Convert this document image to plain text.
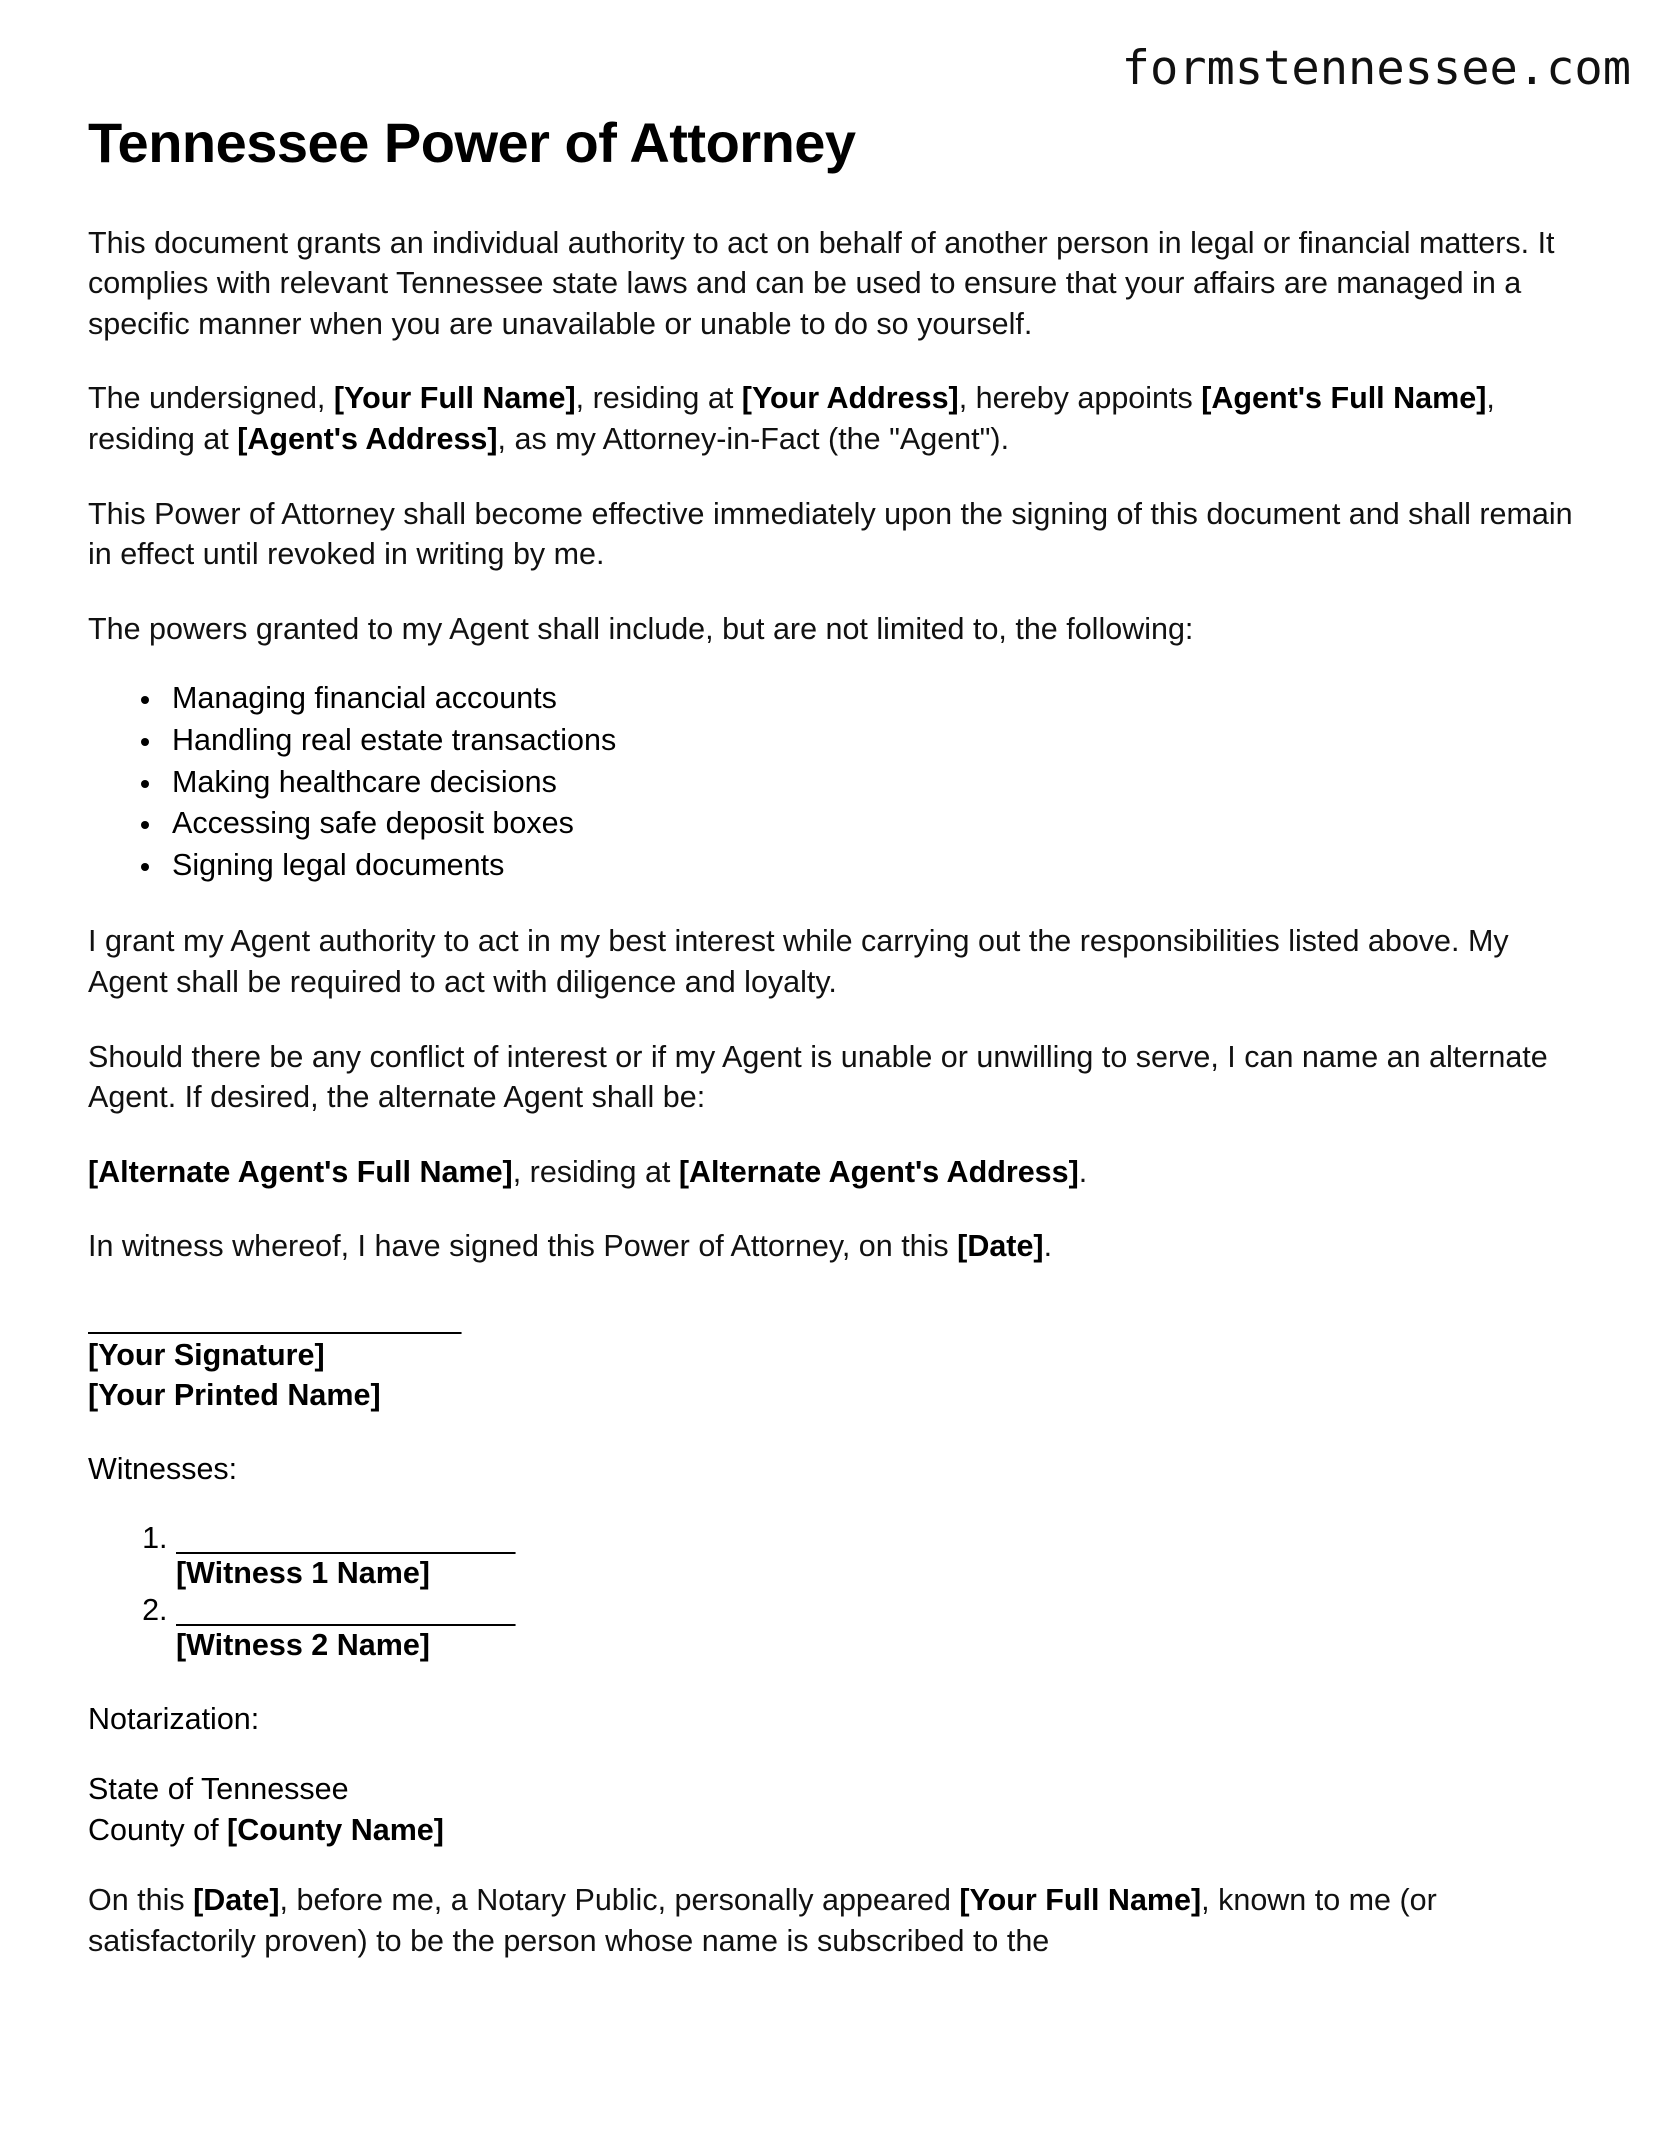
formstennessee.com
Tennessee Power of Attorney

This document grants an individual authority to act on behalf of another person in legal or financial matters. It complies with relevant Tennessee state laws and can be used to ensure that your affairs are managed in a specific manner when you are unavailable or unable to do so yourself.

The undersigned, [Your Full Name], residing at [Your Address], hereby appoints [Agent's Full Name], residing at [Agent's Address], as my Attorney-in-Fact (the "Agent").

This Power of Attorney shall become effective immediately upon the signing of this document and shall remain in effect until revoked in writing by me.

The powers granted to my Agent shall include, but are not limited to, the following:

• Managing financial accounts
• Handling real estate transactions
• Making healthcare decisions
• Accessing safe deposit boxes
• Signing legal documents

I grant my Agent authority to act in my best interest while carrying out the responsibilities listed above. My Agent shall be required to act with diligence and loyalty.

Should there be any conflict of interest or if my Agent is unable or unwilling to serve, I can name an alternate Agent. If desired, the alternate Agent shall be:

[Alternate Agent's Full Name], residing at [Alternate Agent's Address].

In witness whereof, I have signed this Power of Attorney, on this [Date].

______________________
[Your Signature]
[Your Printed Name]

Witnesses:

1. ____________________
[Witness 1 Name]
2. ____________________
[Witness 2 Name]

Notarization:

State of Tennessee
County of [County Name]

On this [Date], before me, a Notary Public, personally appeared [Your Full Name], known to me (or satisfactorily proven) to be the person whose name is subscribed to the
